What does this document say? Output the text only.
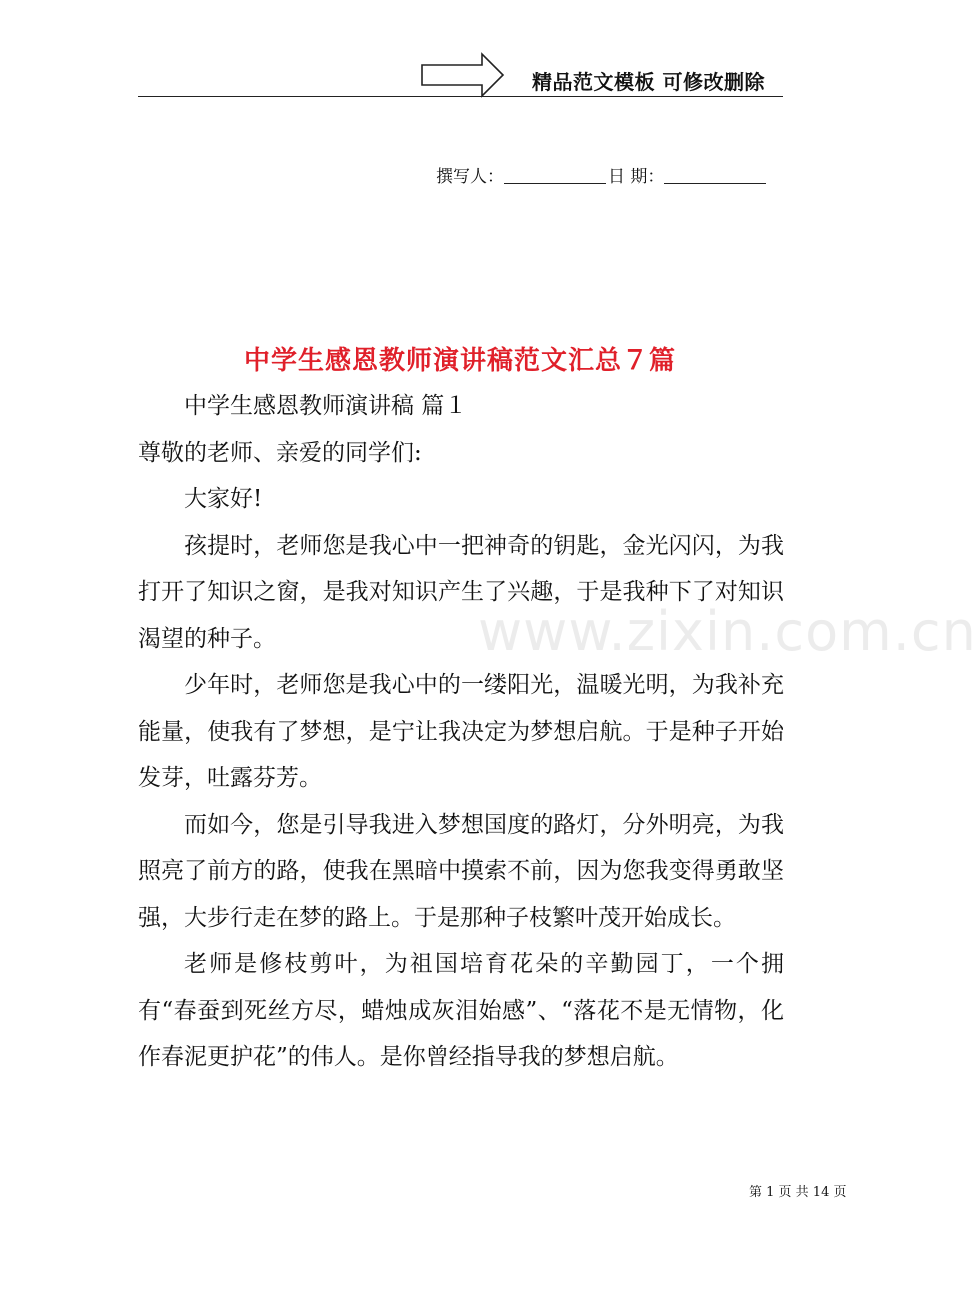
精品范文模板 可修改删除
撰写人：	日 期：
中学生感恩教师演讲稿范文汇总７篇
www.zixin.com.cn

中学生感恩教师演讲稿 篇１

尊敬的老师、亲爱的同学们:

大家好!

孩提时，老师您是我心中一把神奇的钥匙，金光闪闪，为我打开了知识之窗，是我对知识产生了兴趣，于是我种下了对知识渴望的种子。

少年时，老师您是我心中的一缕阳光，温暖光明，为我补充能量，使我有了梦想，是宁让我决定为梦想启航。于是种子开始发芽，吐露芬芳。

而如今，您是引导我进入梦想国度的路灯，分外明亮，为我照亮了前方的路，使我在黑暗中摸索不前，因为您我变得勇敢坚强，大步行走在梦的路上。于是那种子枝繁叶茂开始成长。

老师是修枝剪叶，为祖国培育花朵的辛勤园丁，一个拥有“春蚕到死丝方尽，蜡烛成灰泪始感”、“落花不是无情物，化作春泥更护花”的伟人。是你曾经指导我的梦想启航。

第 1 页 共 14 页
